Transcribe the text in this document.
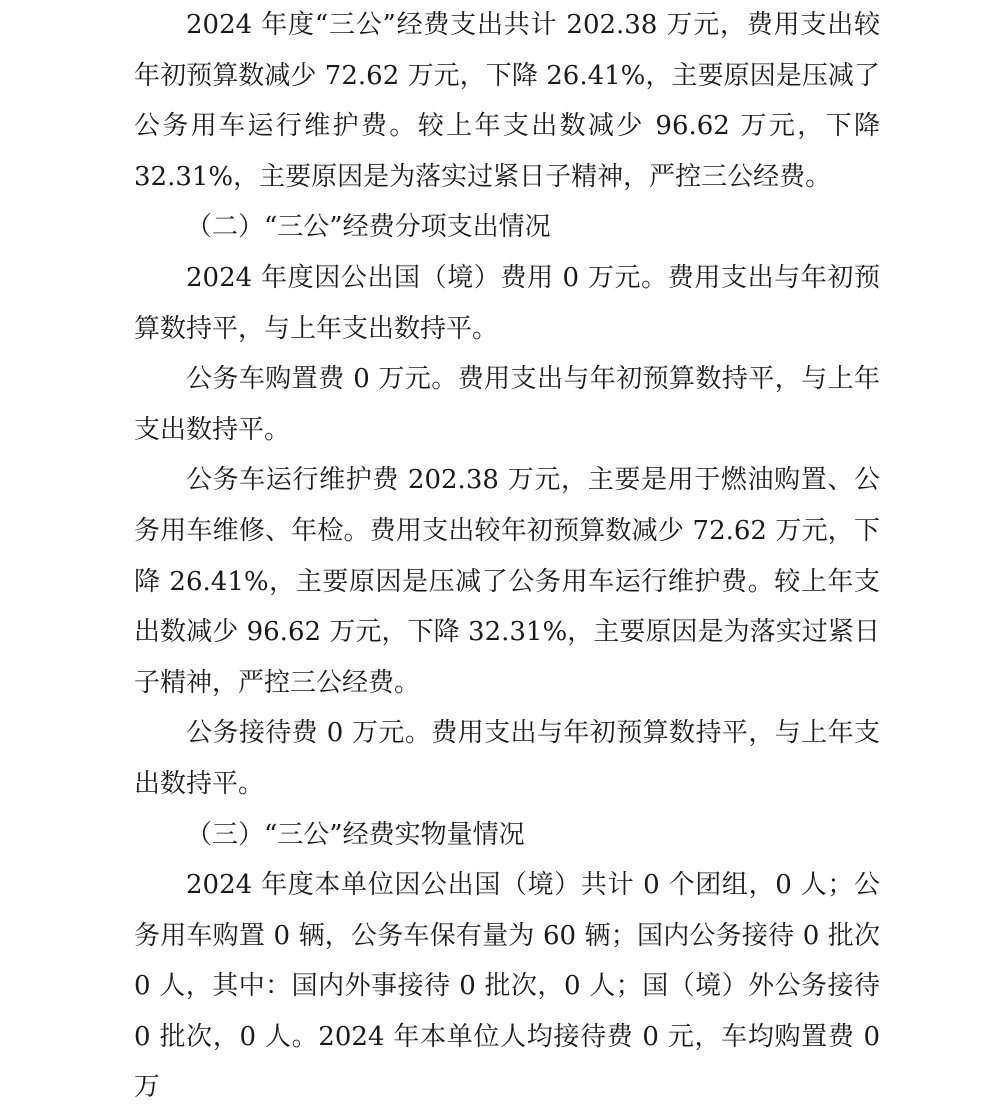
2024 年度“三公”经费支出共计 202.38 万元，费用支出较年初预算数减少 72.62 万元，下降 26.41%，主要原因是压减了公务用车运行维护费。较上年支出数减少 96.62 万元，下降32.31%，主要原因是为落实过紧日子精神，严控三公经费。

（二）“三公”经费分项支出情况

2024 年度因公出国（境）费用 0 万元。费用支出与年初预算数持平，与上年支出数持平。

公务车购置费 0 万元。费用支出与年初预算数持平，与上年支出数持平。

公务车运行维护费 202.38 万元，主要是用于燃油购置、公务用车维修、年检。费用支出较年初预算数减少 72.62 万元，下降 26.41%，主要原因是压减了公务用车运行维护费。较上年支出数减少 96.62 万元，下降 32.31%，主要原因是为落实过紧日子精神，严控三公经费。

公务接待费 0 万元。费用支出与年初预算数持平，与上年支出数持平。

（三）“三公”经费实物量情况

2024 年度本单位因公出国（境）共计 0 个团组，0 人；公务用车购置 0 辆，公务车保有量为 60 辆；国内公务接待 0 批次 0 人，其中：国内外事接待 0 批次，0 人；国（境）外公务接待 0 批次，0 人。2024 年本单位人均接待费 0 元，车均购置费 0 万
